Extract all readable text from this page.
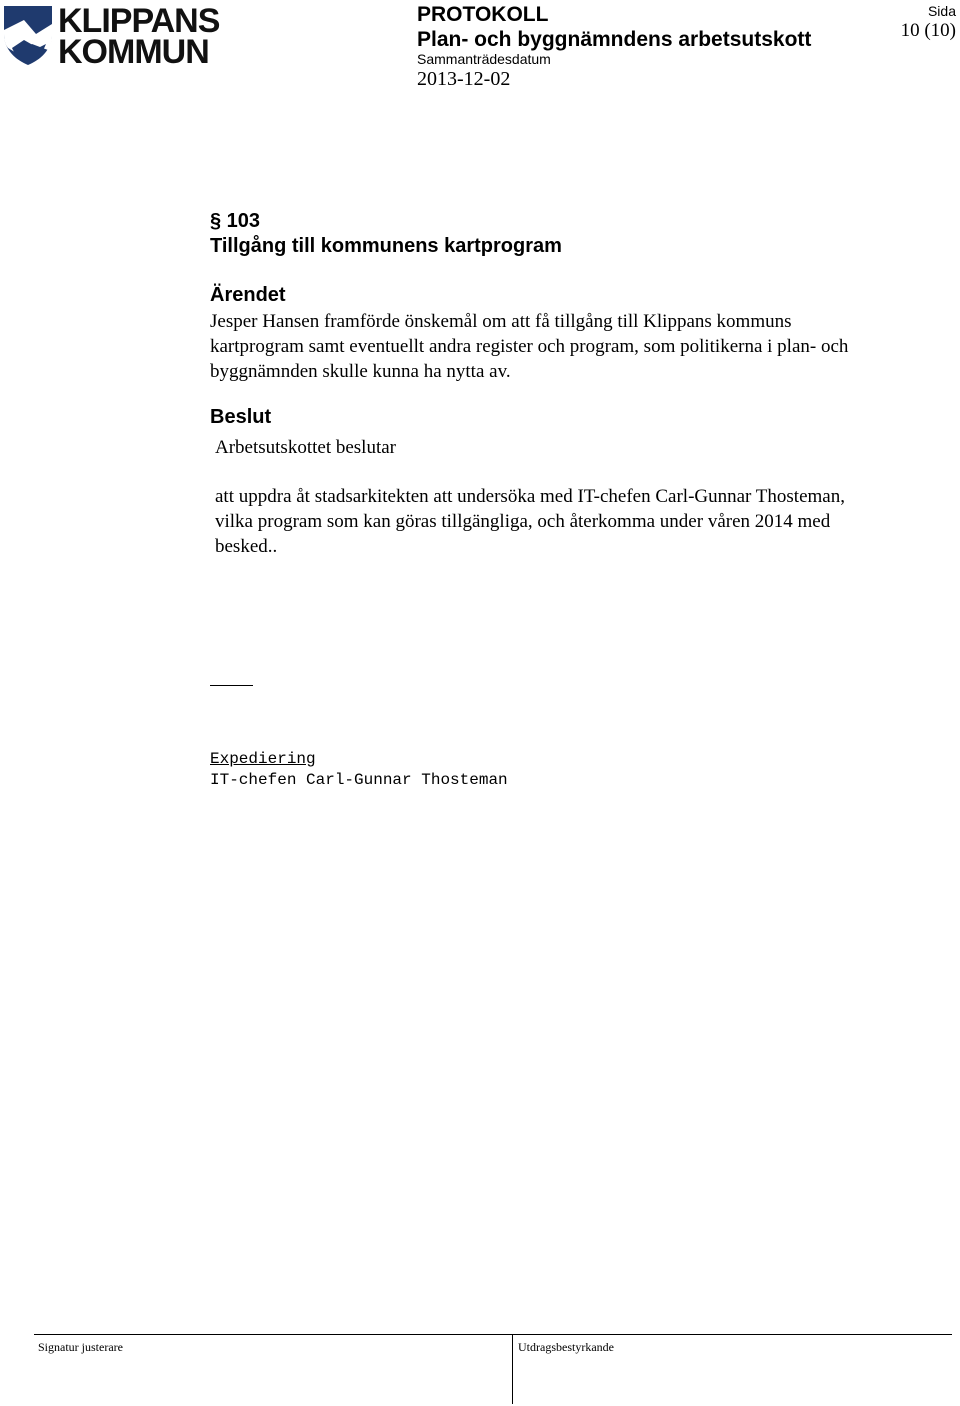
KLIPPANS
KOMMUN
PROTOKOLL
Plan- och byggnämndens arbetsutskott
Sammanträdesdatum
2013-12-02
Sida
10 (10)
§ 103
Tillgång till kommunens kartprogram
Ärendet
Jesper Hansen framförde önskemål om att få tillgång till Klippans kommuns
kartprogram samt eventuellt andra register och program, som politikerna i plan- och
byggnämnden skulle kunna ha nytta av.
Beslut
Arbetsutskottet beslutar
att uppdra åt stadsarkitekten att undersöka med IT-chefen Carl-Gunnar Thosteman,
vilka program som kan göras tillgängliga, och återkomma under våren 2014 med
besked..
Expediering
IT-chefen Carl-Gunnar Thosteman
Signatur justerare	Utdragsbestyrkande
